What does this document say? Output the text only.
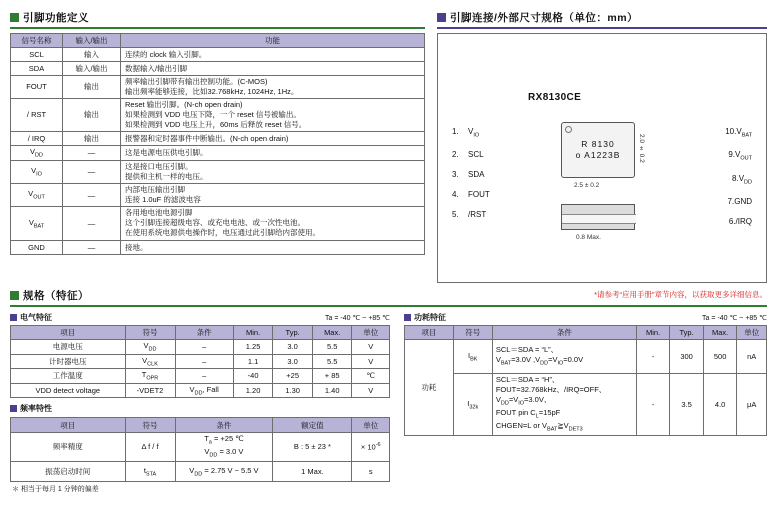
引脚功能定义
信号名称	输入/输出	功能
SCL	输入	连续的 clock 输入引脚。
SDA	输入/输出	数据输入/输出引脚
FOUT	输出	频率输出引脚带有输出控制功能。(C-MOS)
输出频率能够连接，比如32.768kHz, 1024Hz, 1Hz。

/ RST	输出	Reset 输出引脚。(N-ch open drain)
如果检测到 VDD 电压下降，一个 reset 信号被输出。
如果检测到 VDD 电压上升，60ms 后释放 reset 信号。

/ IRQ	输出	报警器和定时器事件中断输出。(N-ch open drain)
$V_{DD}$	—	这是电源电压供电引脚。
$V_{IO}$	—	这是接口电压引脚。
提供和主机一样的电压。

$V_{OUT}$	—	内部电压输出引脚
连接 1.0uF 的滤波电容

$V_{BAT}$	—	各用地电池电源引脚
这个引脚连接超级电容、或充电电池、或一次性电池。
在使用系统电源供电操作时，电压通过此引脚给内部使用。

GND	—	接地。
引脚连接/外部尺寸规格（单位：mm）
RX8130CE
1. $V_{IO}$
2. SCL
3. SDA
4. FOUT
5. /RST
$10.V_{BAT}$
$9.V_{OUT}$
$8.V_{DD}$
7.GND
6./IRQ
R 8130
o A1223B
2.5 ± 0.2
2.0 ± 0.2
0.8 Max.
规格（特征）	*请参考“应用手册”章节内容，以获取更多详细信息。
电气特征	Ta = -40 ℃ ~ +85 ℃
项目	符号	条件	Min.	Typ.	Max.	单位
电源电压	$V_{DD}$	–	1.25	3.0	5.5	V
计时器电压	$V_{CLK}$	–	1.1	3.0	5.5	V
工作温度	$T_{OPR}$	–	-40	+25	+ 85	℃
VDD detect voltage	-VDET2	$V_{DD}$, Fall	1.20	1.30	1.40	V
频率特性
项目	符号	条件	额定值	单位
频率精度	Δ f / f	$T_a = +25$ ℃
$V_{DD} = 3.0$ V	B : 5 ± 23 *	× $10^{-6}$
振荡启动时间	$t_{STA}$	$V_{DD} = 2.75$ V ~ 5.5 V	1 Max.	s
＊ 相当于每月 1 分钟的偏差
功耗特征	Ta = -40 ℃ ~ +85 ℃
项目	符号	条件	Min.	Typ.	Max.	单位
功耗	$I_{BK}$	SCL＝SDA = “L”、
$V_{BAT}=3.0V$ $,V_{DD}=V_{IO}=0.0V$	-	300	500	nA
	$I_{32k}$	SCL＝SDA = “H”、
FOUT=32.768kHz、/IRQ=OFF、
$V_{DD}=V_{IO}=3.0V$、
FOUT pin $C_L=15pF$
CHGEN=L or $V_{BAT}≧V_{DET3}$	-	3.5	4.0	μA
